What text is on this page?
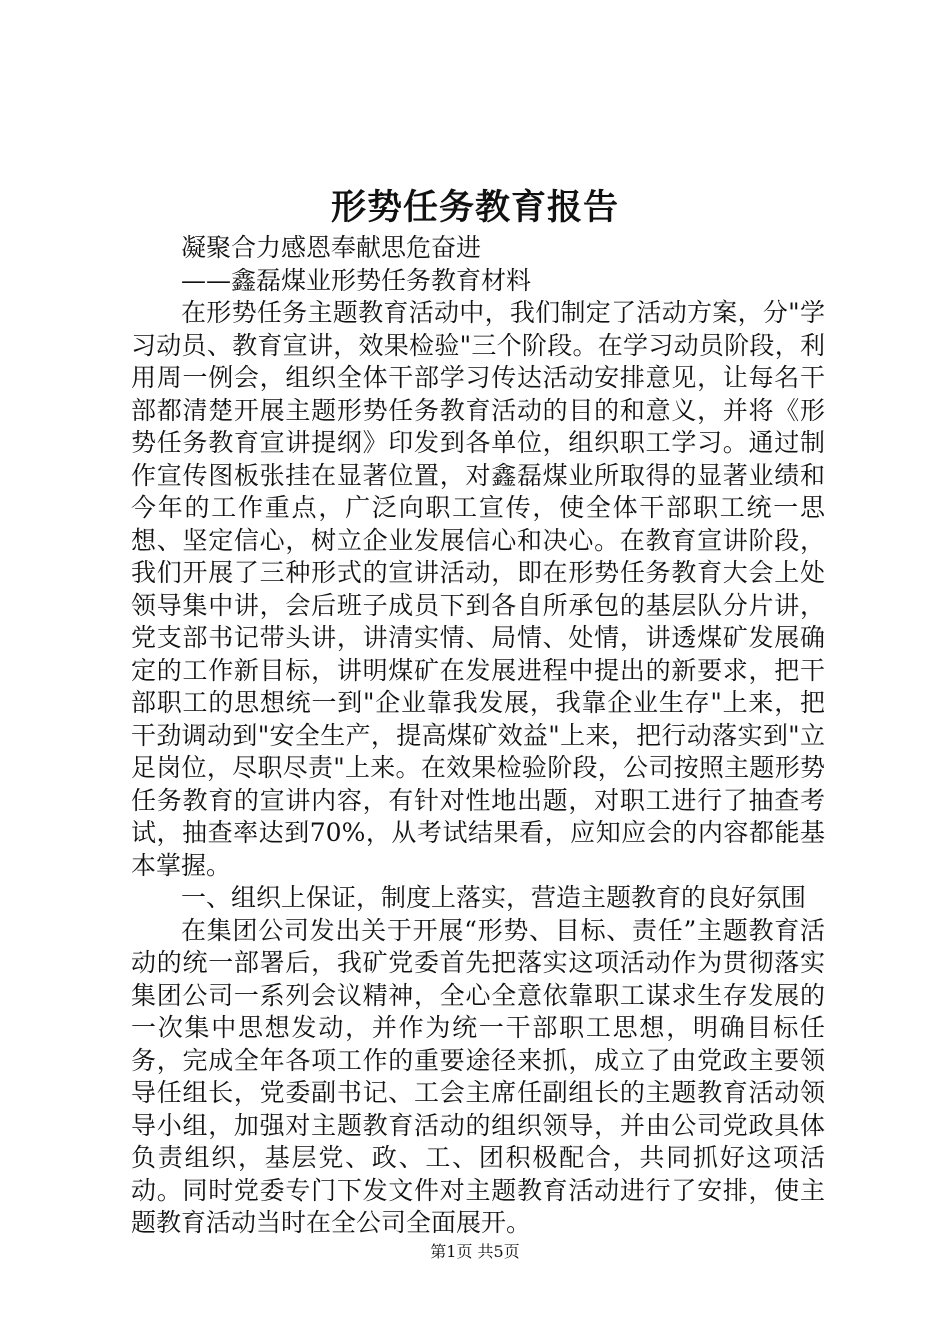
形势任务教育报告

凝聚合力感恩奉献思危奋进

——鑫磊煤业形势任务教育材料

在形势任务主题教育活动中，我们制定了活动方案，分"学习动员、教育宣讲，效果检验"三个阶段。在学习动员阶段，利用周一例会，组织全体干部学习传达活动安排意见，让每名干部都清楚开展主题形势任务教育活动的目的和意义，并将《形势任务教育宣讲提纲》印发到各单位，组织职工学习。通过制作宣传图板张挂在显著位置，对鑫磊煤业所取得的显著业绩和今年的工作重点，广泛向职工宣传，使全体干部职工统一思想、坚定信心，树立企业发展信心和决心。在教育宣讲阶段，我们开展了三种形式的宣讲活动，即在形势任务教育大会上处领导集中讲，会后班子成员下到各自所承包的基层队分片讲，党支部书记带头讲，讲清实情、局情、处情，讲透煤矿发展确定的工作新目标，讲明煤矿在发展进程中提出的新要求，把干部职工的思想统一到"企业靠我发展，我靠企业生存"上来，把干劲调动到"安全生产，提高煤矿效益"上来，把行动落实到"立足岗位，尽职尽责"上来。在效果检验阶段，公司按照主题形势任务教育的宣讲内容，有针对性地出题，对职工进行了抽查考试，抽查率达到70%，从考试结果看，应知应会的内容都能基本掌握。

一、组织上保证，制度上落实，营造主题教育的良好氛围

在集团公司发出关于开展“形势、目标、责任”主题教育活动的统一部署后，我矿党委首先把落实这项活动作为贯彻落实集团公司一系列会议精神，全心全意依靠职工谋求生存发展的一次集中思想发动，并作为统一干部职工思想，明确目标任务，完成全年各项工作的重要途径来抓，成立了由党政主要领导任组长，党委副书记、工会主席任副组长的主题教育活动领导小组，加强对主题教育活动的组织领导，并由公司党政具体负责组织，基层党、政、工、团积极配合，共同抓好这项活动。同时党委专门下发文件对主题教育活动进行了安排，使主题教育活动当时在全公司全面展开。

第1页 共5页
